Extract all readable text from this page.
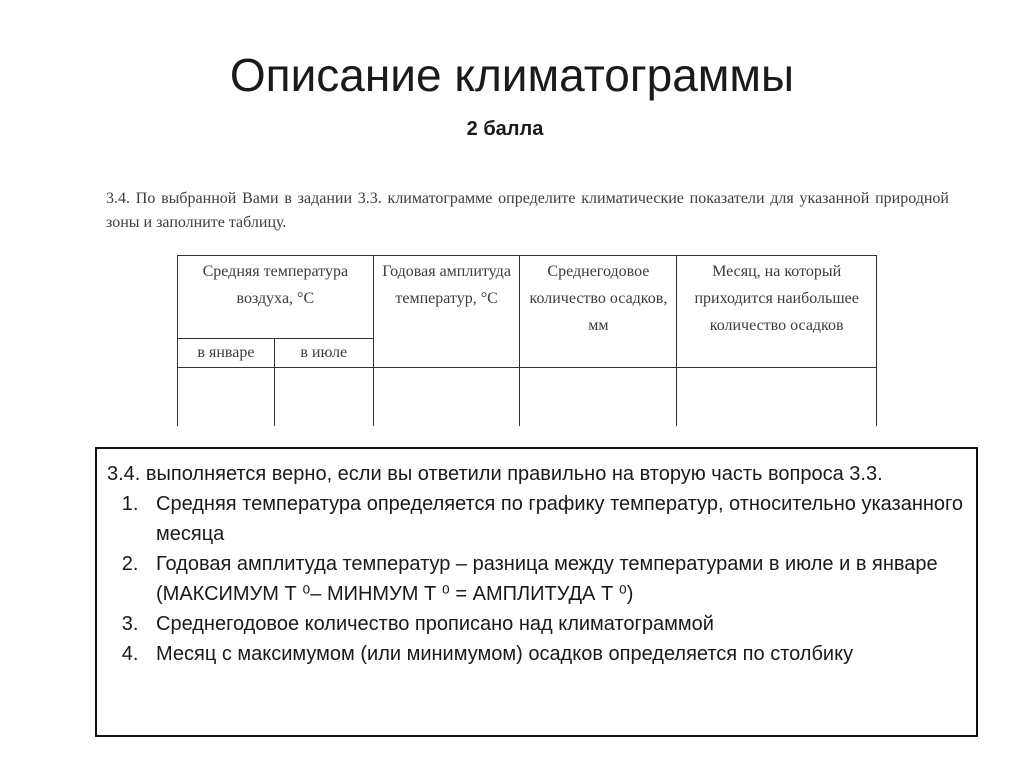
Описание климатограммы
2 балла
3.4. По выбранной Вами в задании 3.3. климатограмме определите климатические показатели для указанной природной зоны и заполните таблицу.
Средняя температура воздуха, °С		Годовая амплитуда температур, °С	Среднегодовое количество осадков, мм	Месяц, на который приходится наибольшее количество осадков
в январе	в июле			

3.4. выполняется верно, если вы ответили правильно на вторую часть вопроса 3.3.

1. Средняя температура определяется по графику температур, относительно указанного месяца
2. Годовая амплитуда температур – разница между температурами в июле и в январе (МАКСИМУМ Т ⁰– МИНМУМ Т ⁰ = АМПЛИТУДА Т ⁰)
3. Среднегодовое количество прописано над климатограммой
4. Месяц с максимумом (или минимумом) осадков определяется по столбику
